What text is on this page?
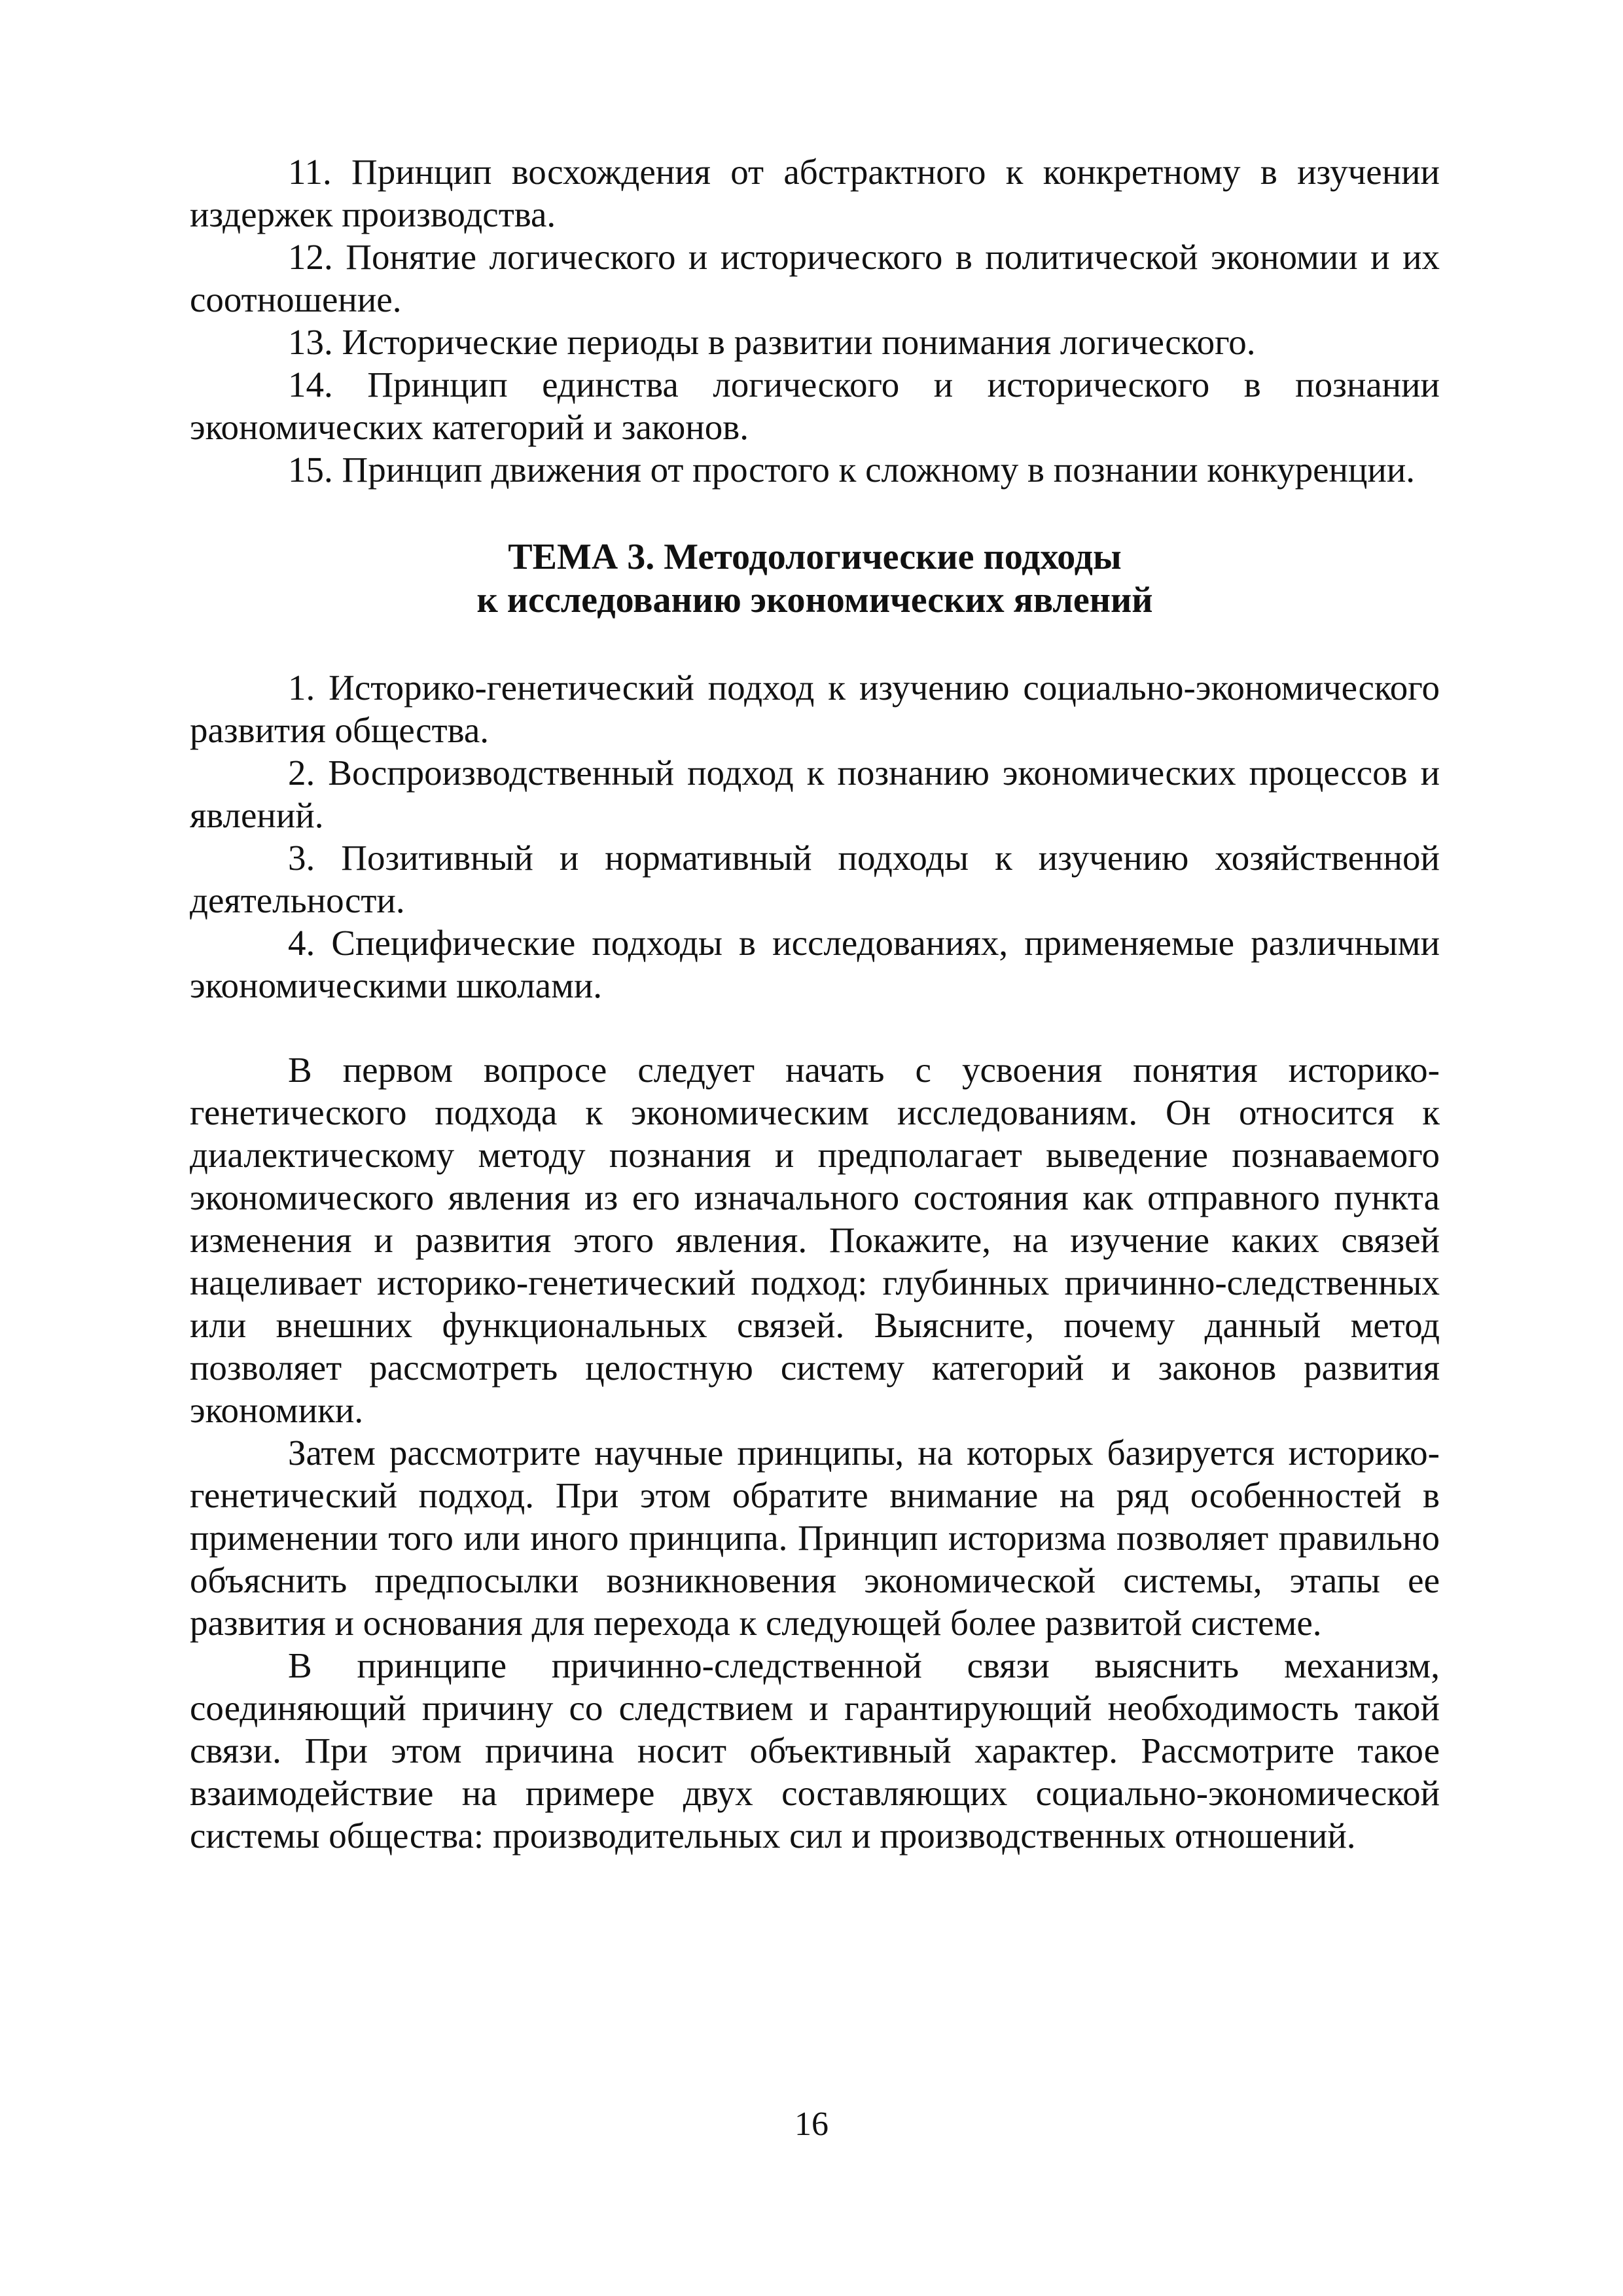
11. Принцип восхождения от абстрактного к конкретному в изучении издержек производства.

12. Понятие логического и исторического в политической экономии и их соотношение.

13. Исторические периоды в развитии понимания логического.

14. Принцип единства логического и исторического в познании экономических категорий и законов.

15. Принцип движения от простого к сложному в познании конкуренции.

ТЕМА 3. Методологические подходы
к исследованию экономических явлений

1. Историко-генетический подход к изучению социально-экономического развития общества.

2. Воспроизводственный подход к познанию экономических процессов и явлений.

3. Позитивный и нормативный подходы к изучению хозяйственной деятельности.

4. Специфические подходы в исследованиях, применяемые различными экономическими школами.

В первом вопросе следует начать с усвоения понятия историко-генетического подхода к экономическим исследованиям. Он относится к диалектическому методу познания и предполагает выведение познаваемого экономического явления из его изначального состояния как отправного пункта изменения и развития этого явления. Покажите, на изучение каких связей нацеливает историко-генетический подход: глубинных причинно-следственных или внешних функциональных связей. Выясните, почему данный метод позволяет рассмотреть целостную систему категорий и законов развития экономики.

Затем рассмотрите научные принципы, на которых базируется историко-генетический подход. При этом обратите внимание на ряд особенностей в применении того или иного принципа. Принцип историзма позволяет правильно объяснить предпосылки возникновения экономической системы, этапы ее развития и основания для перехода к следующей более развитой системе.

В принципе причинно-следственной связи выяснить механизм, соединяющий причину со следствием и гарантирующий необходимость такой связи. При этом причина носит объективный характер. Рассмотрите такое взаимодействие на примере двух составляющих социально-экономической системы общества: производительных сил и производственных отношений.

16
